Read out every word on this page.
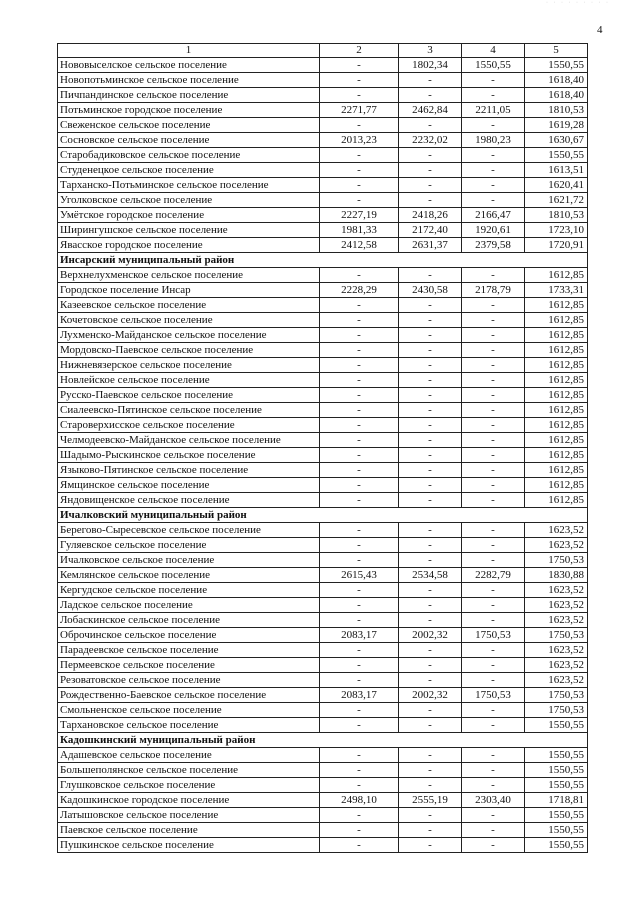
· · · · · · · · ·
4
1	2	3	4	5
Нововыселское сельское поселение	-	1802,34	1550,55	1550,55
Новопотьминское сельское поселение	-	-	-	1618,40
Пичпандинское сельское поселение	-	-	-	1618,40
Потьминское городское поселение	2271,77	2462,84	2211,05	1810,53
Свеженское сельское поселение	-	-	-	1619,28
Сосновское сельское поселение	2013,23	2232,02	1980,23	1630,67
Старобадиковское сельское поселение	-	-	-	1550,55
Студенецкое сельское поселение	-	-	-	1613,51
Тарханско-Потьминское сельское поселение	-	-	-	1620,41
Уголковское сельское поселение	-	-	-	1621,72
Умётское городское поселение	2227,19	2418,26	2166,47	1810,53
Ширингушское сельское поселение	1981,33	2172,40	1920,61	1723,10
Явасское городское поселение	2412,58	2631,37	2379,58	1720,91
Инсарский муниципальный район				
Верхнелухменское сельское поселение	-	-	-	1612,85
Городское поселение Инсар	2228,29	2430,58	2178,79	1733,31
Казеевское сельское поселение	-	-	-	1612,85
Кочетовское сельское поселение	-	-	-	1612,85
Лухменско-Майданское сельское поселение	-	-	-	1612,85
Мордовско-Паевское сельское поселение	-	-	-	1612,85
Нижневязерское сельское поселение	-	-	-	1612,85
Новлейское сельское поселение	-	-	-	1612,85
Русско-Паевское сельское поселение	-	-	-	1612,85
Сиалеевско-Пятинское сельское поселение	-	-	-	1612,85
Староверхисское сельское поселение	-	-	-	1612,85
Челмодеевско-Майданское сельское поселение	-	-	-	1612,85
Шадымо-Рыскинское сельское поселение	-	-	-	1612,85
Языково-Пятинское сельское поселение	-	-	-	1612,85
Ямщинское сельское поселение	-	-	-	1612,85
Яндовищенское сельское поселение	-	-	-	1612,85
Ичалковский муниципальный район				
Берегово-Сыресевское сельское поселение	-	-	-	1623,52
Гуляевское сельское поселение	-	-	-	1623,52
Ичалковское сельское поселение	-	-	-	1750,53
Кемлянское сельское поселение	2615,43	2534,58	2282,79	1830,88
Кергудское сельское поселение	-	-	-	1623,52
Ладское сельское поселение	-	-	-	1623,52
Лобаскинское сельское поселение	-	-	-	1623,52
Оброчинское сельское поселение	2083,17	2002,32	1750,53	1750,53
Парадеевское сельское поселение	-	-	-	1623,52
Пермеевское сельское поселение	-	-	-	1623,52
Резоватовское сельское поселение	-	-	-	1623,52
Рождественно-Баевское сельское поселение	2083,17	2002,32	1750,53	1750,53
Смольненское сельское поселение	-	-	-	1750,53
Тархановское сельское поселение	-	-	-	1550,55
Кадошкинский муниципальный район				
Адашевское сельское поселение	-	-	-	1550,55
Большеполянское сельское поселение	-	-	-	1550,55
Глушковское сельское поселение	-	-	-	1550,55
Кадошкинское городское поселение	2498,10	2555,19	2303,40	1718,81
Латышовское сельское поселение	-	-	-	1550,55
Паевское сельское поселение	-	-	-	1550,55
Пушкинское сельское поселение	-	-	-	1550,55
